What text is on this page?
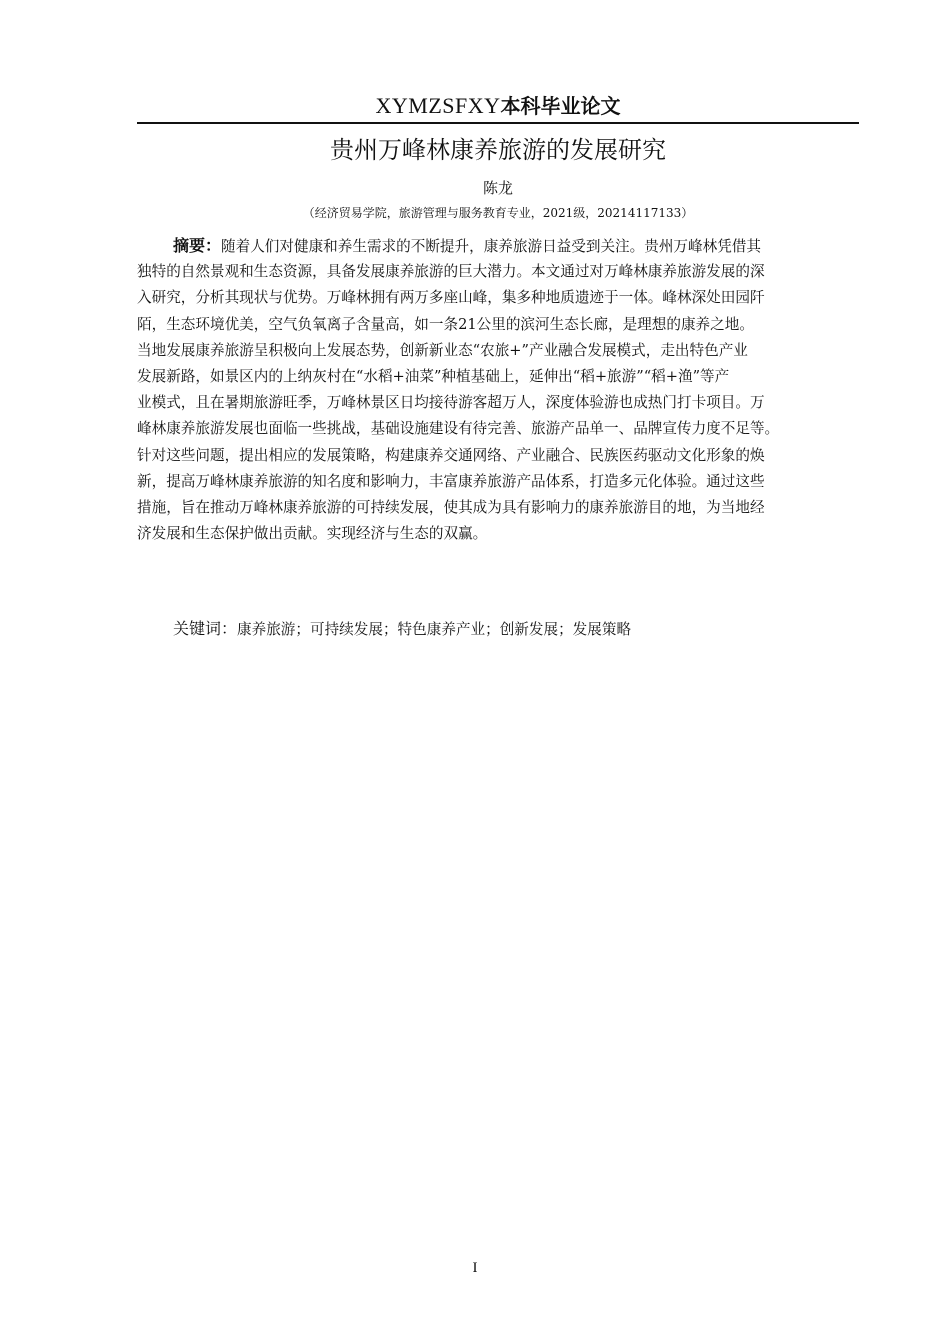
XYMZSFXY本科毕业论文
贵州万峰林康养旅游的发展研究
陈龙
（经济贸易学院，旅游管理与服务教育专业，2021级，20214117133）
摘要：随着人们对健康和养生需求的不断提升，康养旅游日益受到关注。贵州万峰林凭借其
独特的自然景观和生态资源，具备发展康养旅游的巨大潜力。本文通过对万峰林康养旅游发展的深
入研究，分析其现状与优势。万峰林拥有两万多座山峰，集多种地质遗迹于一体。峰林深处田园阡
陌，生态环境优美，空气负氧离子含量高，如一条21公里的滨河生态长廊，是理想的康养之地。
当地发展康养旅游呈积极向上发展态势，创新新业态“农旅+”产业融合发展模式，走出特色产业
发展新路，如景区内的上纳灰村在“水稻+油菜”种植基础上，延伸出“稻+旅游”“稻+渔”等产
业模式，且在暑期旅游旺季，万峰林景区日均接待游客超万人，深度体验游也成热门打卡项目。万
峰林康养旅游发展也面临一些挑战，基础设施建设有待完善、旅游产品单一、品牌宣传力度不足等。
针对这些问题，提出相应的发展策略，构建康养交通网络、产业融合、民族医药驱动文化形象的焕
新，提高万峰林康养旅游的知名度和影响力，丰富康养旅游产品体系，打造多元化体验。通过这些
措施，旨在推动万峰林康养旅游的可持续发展，使其成为具有影响力的康养旅游目的地，为当地经
济发展和生态保护做出贡献。实现经济与生态的双赢。
关键词：康养旅游；可持续发展；特色康养产业；创新发展；发展策略
I
